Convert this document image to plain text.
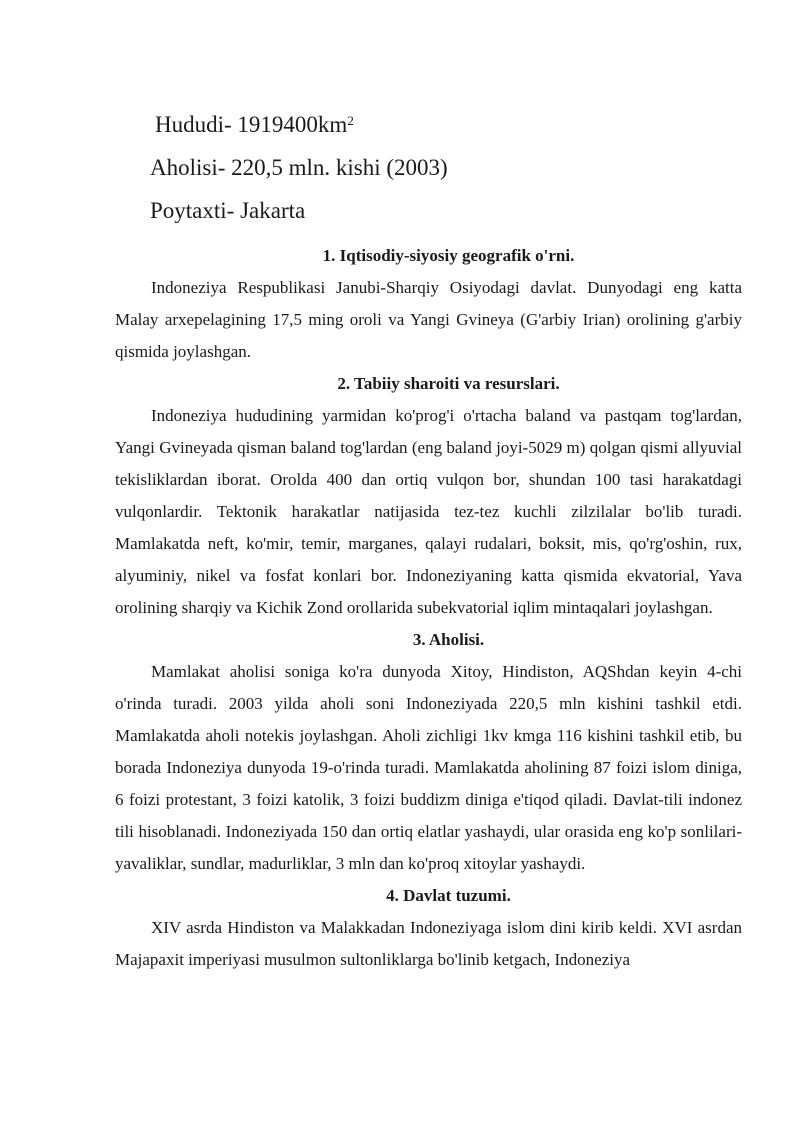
Hududi- $1919400km^2$

Aholisi- 220,5 mln. kishi (2003)

Poytaxti- Jakarta

1. Iqtisodiy-siyosiy geografik o'rni.

Indoneziya Respublikasi Janubi-Sharqiy Osiyodagi davlat. Dunyodagi eng katta Malay arxepelagining 17,5 ming oroli va Yangi Gvineya (G'arbiy Irian) orolining g'arbiy qismida joylashgan.

2. Tabiiy sharoiti va resurslari.

Indoneziya hududining yarmidan ko'prog'i o'rtacha baland va pastqam tog'lardan, Yangi Gvineyada qisman baland tog'lardan (eng baland joyi-5029 m) qolgan qismi allyuvial tekisliklardan iborat. Orolda 400 dan ortiq vulqon bor, shundan 100 tasi harakatdagi vulqonlardir. Tektonik harakatlar natijasida tez-tez kuchli zilzilalar bo'lib turadi. Mamlakatda neft, ko'mir, temir, marganes, qalayi rudalari, boksit, mis, qo'rg'oshin, rux, alyuminiy, nikel va fosfat konlari bor. Indoneziyaning katta qismida ekvatorial, Yava orolining sharqiy va Kichik Zond orollarida subekvatorial iqlim mintaqalari joylashgan.

3. Aholisi.

Mamlakat aholisi soniga ko'ra dunyoda Xitoy, Hindiston, AQShdan keyin 4-chi o'rinda turadi. 2003 yilda aholi soni Indoneziyada 220,5 mln kishini tashkil etdi. Mamlakatda aholi notekis joylashgan. Aholi zichligi 1kv kmga 116 kishini tashkil etib, bu borada Indoneziya dunyoda 19-o'rinda turadi. Mamlakatda aholining 87 foizi islom diniga, 6 foizi protestant, 3 foizi katolik, 3 foizi buddizm diniga e'tiqod qiladi. Davlat-tili indonez tili hisoblanadi. Indoneziyada 150 dan ortiq elatlar yashaydi, ular orasida eng ko'p sonlilari-yavaliklar, sundlar, madurliklar, 3 mln dan ko'proq xitoylar yashaydi.

4. Davlat tuzumi.

XIV asrda Hindiston va Malakkadan Indoneziyaga islom dini kirib keldi. XVI asrdan Majapaxit imperiyasi musulmon sultonliklarga bo'linib ketgach, Indoneziya
